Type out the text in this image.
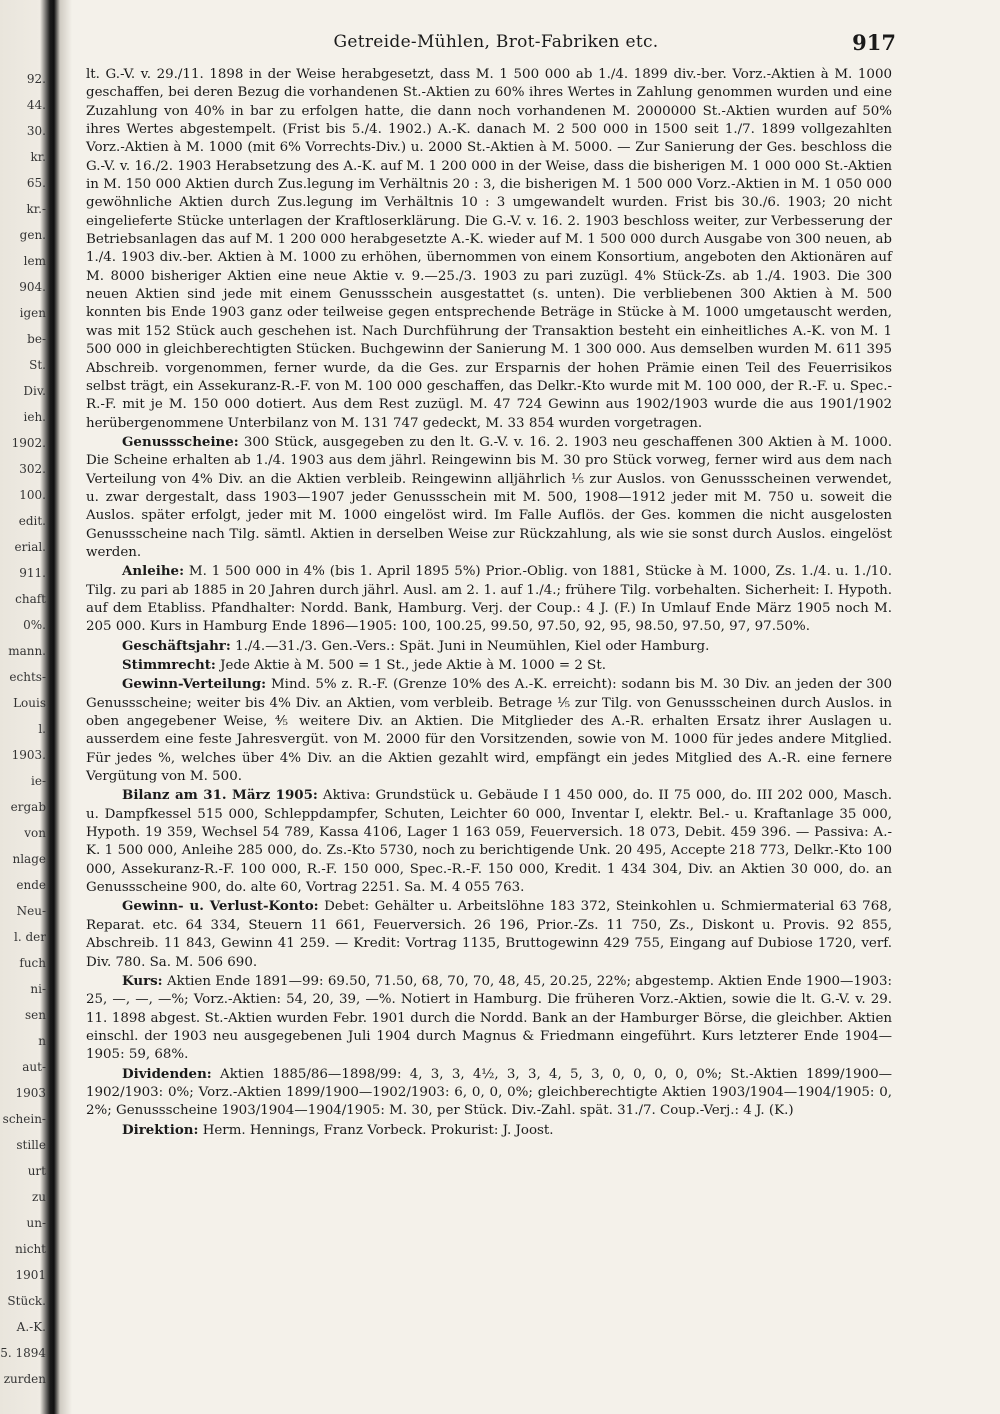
92.
44.
30.
kr.
65.
kr.-
gen.
lem
904.
igen
be-
St.
Div.
ieh.
1902.
302.
100.
edit.
erial.
911.
chaft
0%.
mann.
echts-
Louis
l.
1903.
ie-
ergab
von
nlage
ende
Neu-
l. der
fuch
ni-
sen
n
aut-
1903
schein-
stille
urt
zu
un-
nicht
1901
Stück.
A.-K.
5. 1894
zurden
Getreide-Mühlen, Brot-Fabriken etc.	917

lt. G.-V. v. 29./11. 1898 in der Weise herabgesetzt, dass M. 1 500 000 ab 1./4. 1899 div.-ber. Vorz.-Aktien à M. 1000 geschaffen, bei deren Bezug die vorhandenen St.-Aktien zu 60% ihres Wertes in Zahlung genommen wurden und eine Zuzahlung von 40% in bar zu erfolgen hatte, die dann noch vorhandenen M. 2000000 St.-Aktien wurden auf 50% ihres Wertes abgestempelt. (Frist bis 5./4. 1902.) A.-K. danach M. 2 500 000 in 1500 seit 1./7. 1899 vollgezahlten Vorz.-Aktien à M. 1000 (mit 6% Vorrechts-Div.) u. 2000 St.-Aktien à M. 5000. — Zur Sanierung der Ges. beschloss die G.-V. v. 16./2. 1903 Herabsetzung des A.-K. auf M. 1 200 000 in der Weise, dass die bisherigen M. 1 000 000 St.-Aktien in M. 150 000 Aktien durch Zus.legung im Verhältnis 20 : 3, die bisherigen M. 1 500 000 Vorz.-Aktien in M. 1 050 000 gewöhnliche Aktien durch Zus.legung im Verhältnis 10 : 3 umgewandelt wurden. Frist bis 30./6. 1903; 20 nicht eingelieferte Stücke unterlagen der Kraftloserklärung. Die G.-V. v. 16. 2. 1903 beschloss weiter, zur Verbesserung der Betriebsanlagen das auf M. 1 200 000 herabgesetzte A.-K. wieder auf M. 1 500 000 durch Ausgabe von 300 neuen, ab 1./4. 1903 div.-ber. Aktien à M. 1000 zu erhöhen, übernommen von einem Konsortium, angeboten den Aktionären auf M. 8000 bisheriger Aktien eine neue Aktie v. 9.—25./3. 1903 zu pari zuzügl. 4% Stück-Zs. ab 1./4. 1903. Die 300 neuen Aktien sind jede mit einem Genussschein ausgestattet (s. unten). Die verbliebenen 300 Aktien à M. 500 konnten bis Ende 1903 ganz oder teilweise gegen entsprechende Beträge in Stücke à M. 1000 umgetauscht werden, was mit 152 Stück auch geschehen ist. Nach Durchführung der Transaktion besteht ein einheitliches A.-K. von M. 1 500 000 in gleichberechtigten Stücken. Buchgewinn der Sanierung M. 1 300 000. Aus demselben wurden M. 611 395 Abschreib. vorgenommen, ferner wurde, da die Ges. zur Ersparnis der hohen Prämie einen Teil des Feuerrisikos selbst trägt, ein Assekuranz-R.-F. von M. 100 000 geschaffen, das Delkr.-Kto wurde mit M. 100 000, der R.-F. u. Spec.-R.-F. mit je M. 150 000 dotiert. Aus dem Rest zuzügl. M. 47 724 Gewinn aus 1902/1903 wurde die aus 1901/1902 herübergenommene Unterbilanz von M. 131 747 gedeckt, M. 33 854 wurden vorgetragen.

Genussscheine: 300 Stück, ausgegeben zu den lt. G.-V. v. 16. 2. 1903 neu geschaffenen 300 Aktien à M. 1000. Die Scheine erhalten ab 1./4. 1903 aus dem jährl. Reingewinn bis M. 30 pro Stück vorweg, ferner wird aus dem nach Verteilung von 4% Div. an die Aktien verbleib. Reingewinn alljährlich ⅕ zur Auslos. von Genussscheinen verwendet, u. zwar dergestalt, dass 1903—1907 jeder Genussschein mit M. 500, 1908—1912 jeder mit M. 750 u. soweit die Auslos. später erfolgt, jeder mit M. 1000 eingelöst wird. Im Falle Auflös. der Ges. kommen die nicht ausgelosten Genussscheine nach Tilg. sämtl. Aktien in derselben Weise zur Rückzahlung, als wie sie sonst durch Auslos. eingelöst werden.

Anleihe: M. 1 500 000 in 4% (bis 1. April 1895 5%) Prior.-Oblig. von 1881, Stücke à M. 1000, Zs. 1./4. u. 1./10. Tilg. zu pari ab 1885 in 20 Jahren durch jährl. Ausl. am 2. 1. auf 1./4.; frühere Tilg. vorbehalten. Sicherheit: I. Hypoth. auf dem Etabliss. Pfandhalter: Nordd. Bank, Hamburg. Verj. der Coup.: 4 J. (F.) In Umlauf Ende März 1905 noch M. 205 000. Kurs in Hamburg Ende 1896—1905: 100, 100.25, 99.50, 97.50, 92, 95, 98.50, 97.50, 97, 97.50%.

Geschäftsjahr: 1./4.—31./3. Gen.-Vers.: Spät. Juni in Neumühlen, Kiel oder Hamburg.

Stimmrecht: Jede Aktie à M. 500 = 1 St., jede Aktie à M. 1000 = 2 St.

Gewinn-Verteilung: Mind. 5% z. R.-F. (Grenze 10% des A.-K. erreicht): sodann bis M. 30 Div. an jeden der 300 Genussscheine; weiter bis 4% Div. an Aktien, vom verbleib. Betrage ⅕ zur Tilg. von Genussscheinen durch Auslos. in oben angegebener Weise, ⅘ weitere Div. an Aktien. Die Mitglieder des A.-R. erhalten Ersatz ihrer Auslagen u. ausserdem eine feste Jahresvergüt. von M. 2000 für den Vorsitzenden, sowie von M. 1000 für jedes andere Mitglied. Für jedes %, welches über 4% Div. an die Aktien gezahlt wird, empfängt ein jedes Mitglied des A.-R. eine fernere Vergütung von M. 500.

Bilanz am 31. März 1905: Aktiva: Grundstück u. Gebäude I 1 450 000, do. II 75 000, do. III 202 000, Masch. u. Dampfkessel 515 000, Schleppdampfer, Schuten, Leichter 60 000, Inventar I, elektr. Bel.- u. Kraftanlage 35 000, Hypoth. 19 359, Wechsel 54 789, Kassa 4106, Lager 1 163 059, Feuerversich. 18 073, Debit. 459 396. — Passiva: A.-K. 1 500 000, Anleihe 285 000, do. Zs.-Kto 5730, noch zu berichtigende Unk. 20 495, Accepte 218 773, Delkr.-Kto 100 000, Assekuranz-R.-F. 100 000, R.-F. 150 000, Spec.-R.-F. 150 000, Kredit. 1 434 304, Div. an Aktien 30 000, do. an Genussscheine 900, do. alte 60, Vortrag 2251. Sa. M. 4 055 763.

Gewinn- u. Verlust-Konto: Debet: Gehälter u. Arbeitslöhne 183 372, Steinkohlen u. Schmiermaterial 63 768, Reparat. etc. 64 334, Steuern 11 661, Feuerversich. 26 196, Prior.-Zs. 11 750, Zs., Diskont u. Provis. 92 855, Abschreib. 11 843, Gewinn 41 259. — Kredit: Vortrag 1135, Bruttogewinn 429 755, Eingang auf Dubiose 1720, verf. Div. 780. Sa. M. 506 690.

Kurs: Aktien Ende 1891—99: 69.50, 71.50, 68, 70, 70, 48, 45, 20.25, 22%; abgestemp. Aktien Ende 1900—1903: 25, —, —, —%; Vorz.-Aktien: 54, 20, 39, —%. Notiert in Hamburg. Die früheren Vorz.-Aktien, sowie die lt. G.-V. v. 29. 11. 1898 abgest. St.-Aktien wurden Febr. 1901 durch die Nordd. Bank an der Hamburger Börse, die gleichber. Aktien einschl. der 1903 neu ausgegebenen Juli 1904 durch Magnus & Friedmann eingeführt. Kurs letzterer Ende 1904—1905: 59, 68%.

Dividenden: Aktien 1885/86—1898/99: 4, 3, 3, 4½, 3, 3, 4, 5, 3, 0, 0, 0, 0, 0%; St.-Aktien 1899/1900—1902/1903: 0%; Vorz.-Aktien 1899/1900—1902/1903: 6, 0, 0, 0%; gleichberechtigte Aktien 1903/1904—1904/1905: 0, 2%; Genussscheine 1903/1904—1904/1905: M. 30, per Stück. Div.-Zahl. spät. 31./7. Coup.-Verj.: 4 J. (K.)

Direktion: Herm. Hennings, Franz Vorbeck. Prokurist: J. Joost.
